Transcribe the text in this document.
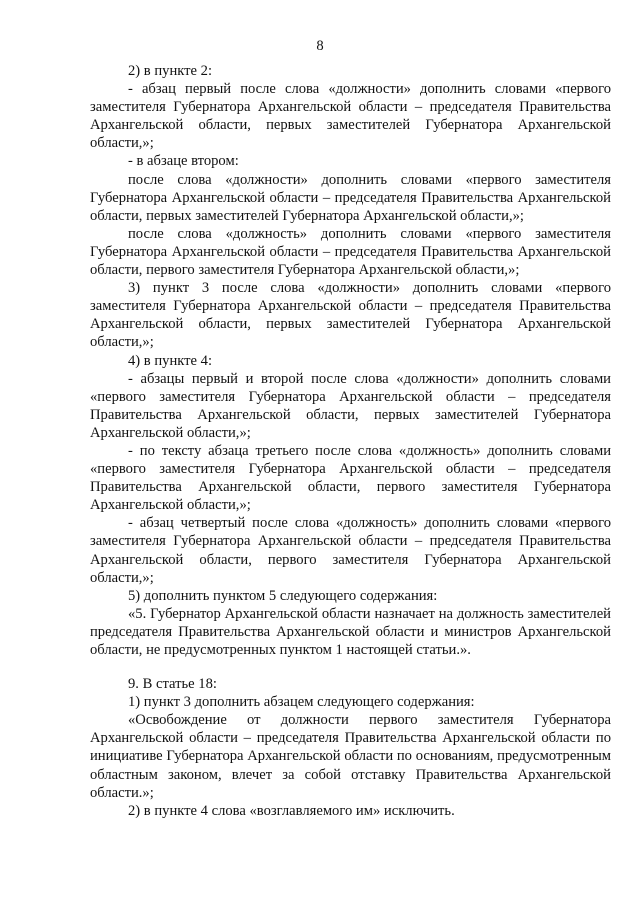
8

2) в пункте 2:

- абзац первый после слова «должности» дополнить словами «первого заместителя Губернатора Архангельской области – председателя Правительства Архангельской области, первых заместителей Губернатора Архангельской области,»;

- в абзаце втором:

после слова «должности» дополнить словами «первого заместителя Губернатора Архангельской области – председателя Правительства Архангельской области, первых заместителей Губернатора Архангельской области,»;

после слова «должность» дополнить словами «первого заместителя Губернатора Архангельской области – председателя Правительства Архангельской области, первого заместителя Губернатора Архангельской области,»;

3) пункт 3 после слова «должности» дополнить словами «первого заместителя Губернатора Архангельской области – председателя Правительства Архангельской области, первых заместителей Губернатора Архангельской области,»;

4) в пункте 4:

- абзацы первый и второй после слова «должности» дополнить словами «первого заместителя Губернатора Архангельской области – председателя Правительства Архангельской области, первых заместителей Губернатора Архангельской области,»;

- по тексту абзаца третьего после слова «должность» дополнить словами «первого заместителя Губернатора Архангельской области – председателя Правительства Архангельской области, первого заместителя Губернатора Архангельской области,»;

- абзац четвертый после слова «должность» дополнить словами «первого заместителя Губернатора Архангельской области – председателя Правительства Архангельской области, первого заместителя Губернатора Архангельской области,»;

5) дополнить пунктом 5 следующего содержания:

«5. Губернатор Архангельской области назначает на должность заместителей председателя Правительства Архангельской области и министров Архангельской области, не предусмотренных пунктом 1 настоящей статьи.».

9. В статье 18:

1) пункт 3 дополнить абзацем следующего содержания:

«Освобождение от должности первого заместителя Губернатора Архангельской области – председателя Правительства Архангельской области по инициативе Губернатора Архангельской области по основаниям, предусмотренным областным законом, влечет за собой отставку Правительства Архангельской области.»;

2) в пункте 4 слова «возглавляемого им» исключить.
